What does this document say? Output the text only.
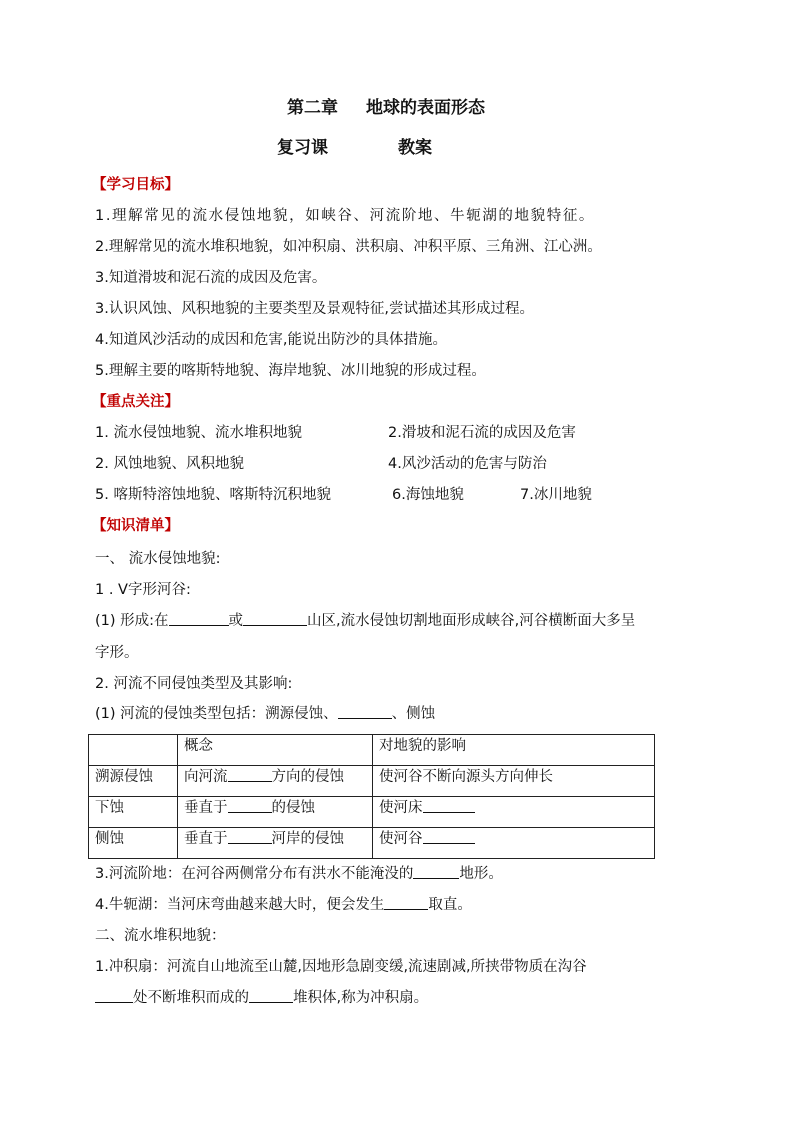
第二章 地球的表面形态
复习课	教案
【学习目标】
1.理解常见的流水侵蚀地貌，如峡谷、河流阶地、牛轭湖的地貌特征。
2.理解常见的流水堆积地貌，如冲积扇、洪积扇、冲积平原、三角洲、江心洲。
3.知道滑坡和泥石流的成因及危害。
3.认识风蚀、风积地貌的主要类型及景观特征,尝试描述其形成过程。
4.知道风沙活动的成因和危害,能说出防沙的具体措施。
5.理解主要的喀斯特地貌、海岸地貌、冰川地貌的形成过程。
【重点关注】
1. 流水侵蚀地貌、流水堆积地貌	2.滑坡和泥石流的成因及危害
2. 风蚀地貌、风积地貌	4.风沙活动的危害与防治
5. 喀斯特溶蚀地貌、喀斯特沉积地貌	6.海蚀地貌	7.冰川地貌
【知识清单】
一、 流水侵蚀地貌:
1 . V字形河谷:
(1) 形成:在	或	山区,流水侵蚀切割地面形成峡谷,河谷横断面大多呈
字形。
2. 河流不同侵蚀类型及其影响:
(1) 河流的侵蚀类型包括：溯源侵蚀、	、侧蚀
	概念	对地貌的影响
溯源侵蚀	向河流 方向的侵蚀	使河谷不断向源头方向伸长
下蚀	垂直于 的侵蚀	使河床
侧蚀	垂直于 河岸的侵蚀	使河谷
3.河流阶地：在河谷两侧常分布有洪水不能淹没的	地形。
4.牛轭湖：当河床弯曲越来越大时，便会发生	取直。
二、流水堆积地貌：
1.冲积扇：河流自山地流至山麓,因地形急剧变缓,流速剧减,所挟带物质在沟谷
处不断堆积而成的	堆积体,称为冲积扇。
